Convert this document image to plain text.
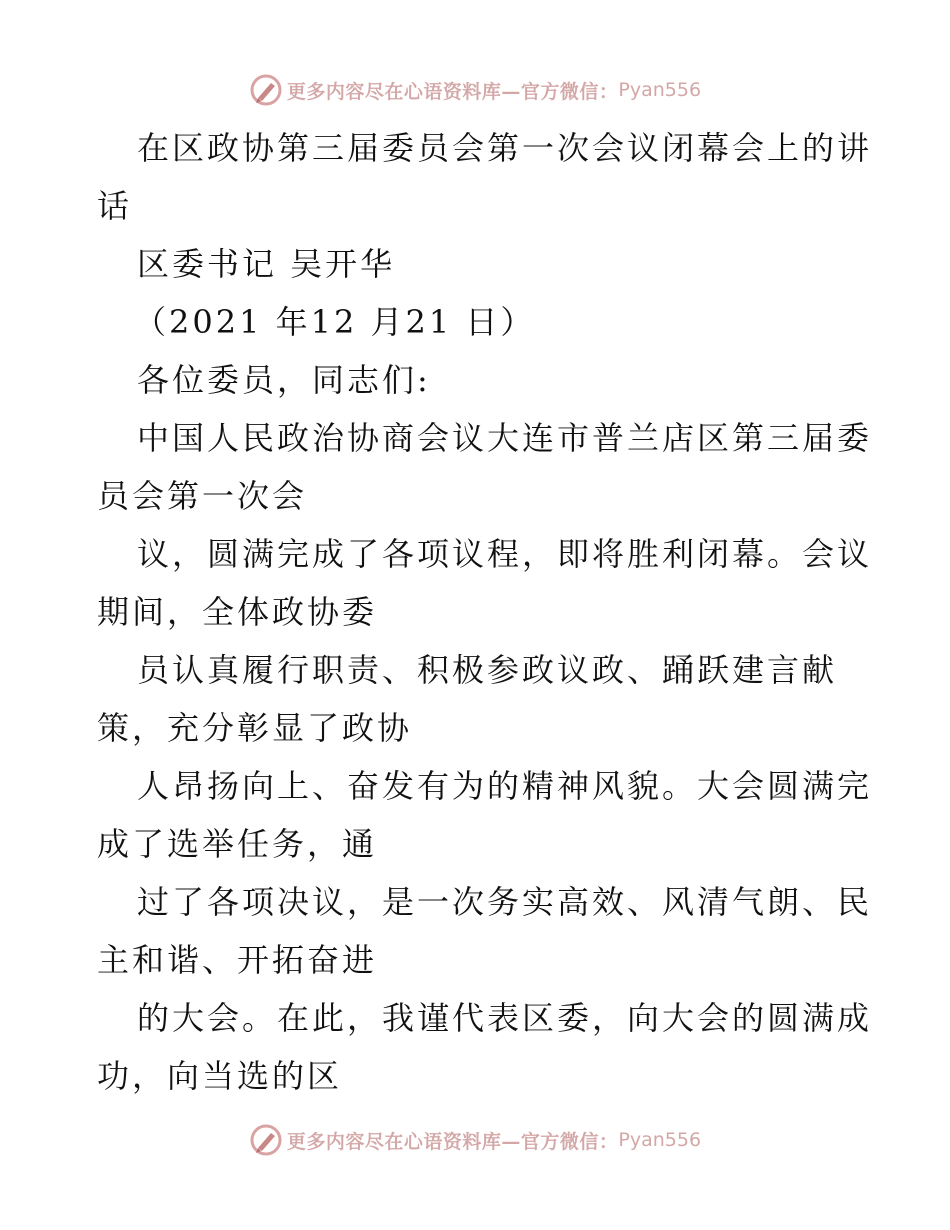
更多内容尽在心语资料库—官方微信： Pyan556

在区政协第三届委员会第一次会议闭幕会上的讲

话

区委书记 吴开华

（2021 年12 月21 日）

各位委员，同志们:

中国人民政治协商会议大连市普兰店区第三届委

员会第一次会

议，圆满完成了各项议程，即将胜利闭幕。会议

期间，全体政协委

员认真履行职责、积极参政议政、踊跃建言献

策，充分彰显了政协

人昂扬向上、奋发有为的精神风貌。大会圆满完

成了选举任务，通

过了各项决议，是一次务实高效、风清气朗、民

主和谐、开拓奋进

的大会。在此，我谨代表区委，向大会的圆满成

功，向当选的区

更多内容尽在心语资料库—官方微信： Pyan556
